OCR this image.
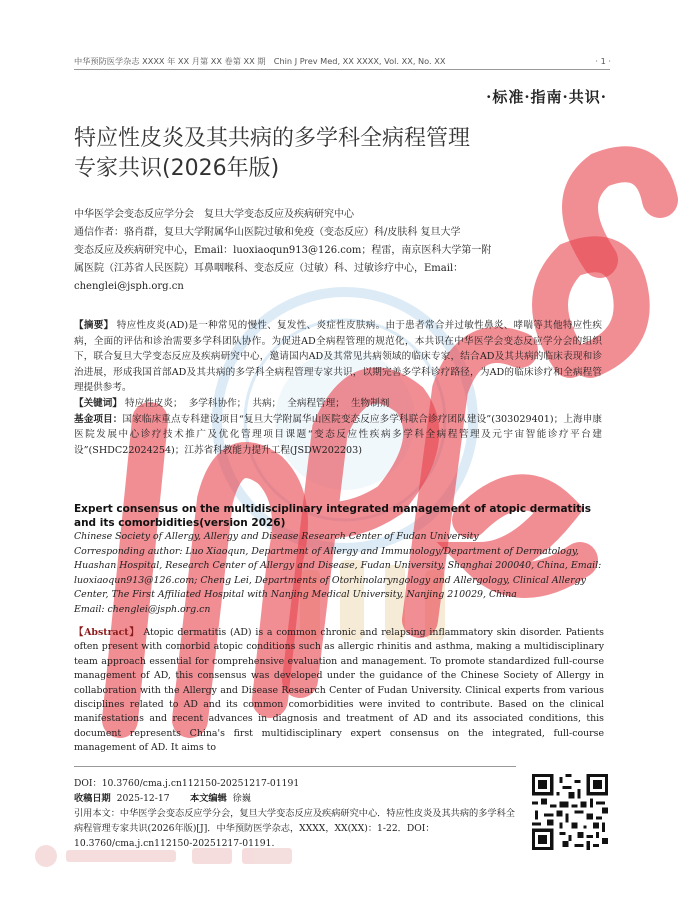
中华预防医学杂志 XXXX 年 XX 月第 XX 卷第 XX 期　Chin J Prev Med, XX XXXX, Vol. XX, No. XX	· 1 ·
·标准·指南·共识·
特应性皮炎及其共病的多学科全病程管理
专家共识(2026年版)

中华医学会变态反应学分会　复旦大学变态反应及疾病研究中心

通信作者：骆肖群，复旦大学附属华山医院过敏和免疫（变态反应）科/皮肤科 复旦大学

变态反应及疾病研究中心，Email：luoxiaoqun913@126.com；程雷，南京医科大学第一附

属医院（江苏省人民医院）耳鼻咽喉科、变态反应（过敏）科、过敏诊疗中心，Email：

chenglei@jsph.org.cn

【摘要】 特应性皮炎(AD)是一种常见的慢性、复发性、炎症性皮肤病。由于患者常合并过敏性鼻炎、哮喘等其他特应性疾病，全面的评估和诊治需要多学科团队协作。为促进AD全病程管理的规范化，本共识在中华医学会变态反应学分会的组织下，联合复旦大学变态反应及疾病研究中心，邀请国内AD及其常见共病领域的临床专家，结合AD及其共病的临床表现和诊治进展，形成我国首部AD及其共病的多学科全病程管理专家共识，以期完善多学科诊疗路径，为AD的临床诊疗和全病程管理提供参考。

【关键词】 特应性皮炎； 多学科协作； 共病； 全病程管理； 生物制剂

基金项目：国家临床重点专科建设项目“复旦大学附属华山医院变态反应多学科联合诊疗团队建设”(303029401)；上海申康医院发展中心诊疗技术推广及优化管理项目课题“变态反应性疾病多学科全病程管理及元宇宙智能诊疗平台建设”(SHDC22024254)；江苏省科教能力提升工程(JSDW202203)

Expert consensus on the multidisciplinary integrated management of atopic dermatitis and its comorbidities(version 2026)

Chinese Society of Allergy, Allergy and Disease Research Center of Fudan University

Corresponding author: Luo Xiaoqun, Department of Allergy and Immunology/Department of Dermatology, Huashan Hospital, Research Center of Allergy and Disease, Fudan University, Shanghai 200040, China, Email: luoxiaoqun913@126.com; Cheng Lei, Departments of Otorhinolaryngology and Allergology, Clinical Allergy Center, The First Affiliated Hospital with Nanjing Medical University, Nanjing 210029, China

Email: chenglei@jsph.org.cn

【Abstract】 Atopic dermatitis (AD) is a common chronic and relapsing inflammatory skin disorder. Patients often present with comorbid atopic conditions such as allergic rhinitis and asthma, making a multidisciplinary team approach essential for comprehensive evaluation and management. To promote standardized full-course management of AD, this consensus was developed under the guidance of the Chinese Society of Allergy in collaboration with the Allergy and Disease Research Center of Fudan University. Clinical experts from various disciplines related to AD and its common comorbidities were invited to contribute. Based on the clinical manifestations and recent advances in diagnosis and treatment of AD and its associated conditions, this document represents China's first multidisciplinary expert consensus on the integrated, full-course management of AD. It aims to

DOI：10.3760/cma.j.cn112150-20251217-01191

收稿日期 2025-12-17 本文编辑 徐巍

引用本文：中华医学会变态反应学分会，复旦大学变态反应及疾病研究中心．特应性皮炎及其共病的多学科全病程管理专家共识(2026年版)[J]．中华预防医学杂志，XXXX，XX(XX)：1-22．DOI：10.3760/cma.j.cn112150-20251217-01191.
